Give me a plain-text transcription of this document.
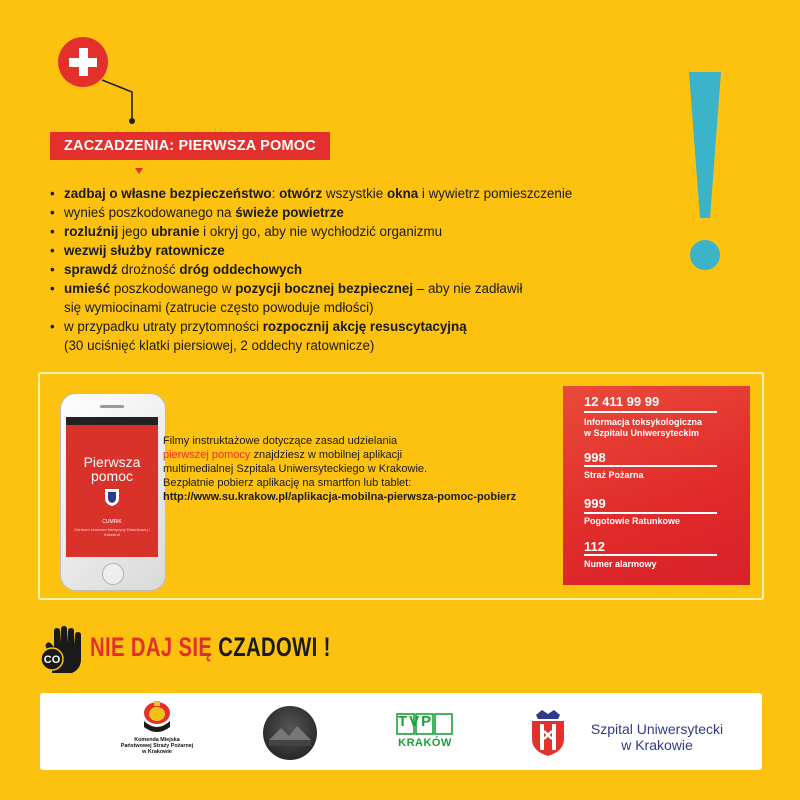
ZACZADZENIA: PIERWSZA POMOC
• zadbaj o własne bezpieczeństwo: otwórz wszystkie okna i wywietrz pomieszczenie
• wynieś poszkodowanego na świeże powietrze
• rozluźnij jego ubranie i okryj go, aby nie wychłodzić organizmu
• wezwij służby ratownicze
• sprawdź drożność dróg oddechowych
• umieść poszkodowanego w pozycji bocznej bezpiecznej – aby nie zadławił
się wymiocinami (zatrucie często powoduje mdłości)
• w przypadku utraty przytomności rozpocznij akcję resuscytacyjną
(30 uciśnięć klatki piersiowej, 2 oddechy ratownicze)
Pierwsza
pomoc
CUMRiK
Centrum Urazowe Medycyny Ratunkowej i Katastrof
Filmy instruktażowe dotyczące zasad udzielania
pierwszej pomocy znajdziesz w mobilnej aplikacji
multimedialnej Szpitala Uniwersyteckiego w Krakowie.
Bezpłatnie pobierz aplikację na smartfon lub tablet:
http://www.su.krakow.pl/aplikacja-mobilna-pierwsza-pomoc-pobierz
12 411 99 99
Informacja toksykologiczna
w Szpitalu Uniwersyteckim
998
Straż Pożarna
999
Pogotowie Ratunkowe
112
Numer alarmowy
CO NIE DAJ SIĘ CZADOWI !
Komenda Miejska
Państwowej Straży Pożarnej
w Krakowie
TVP
KRAKÓW
Szpital Uniwersytecki
w Krakowie
